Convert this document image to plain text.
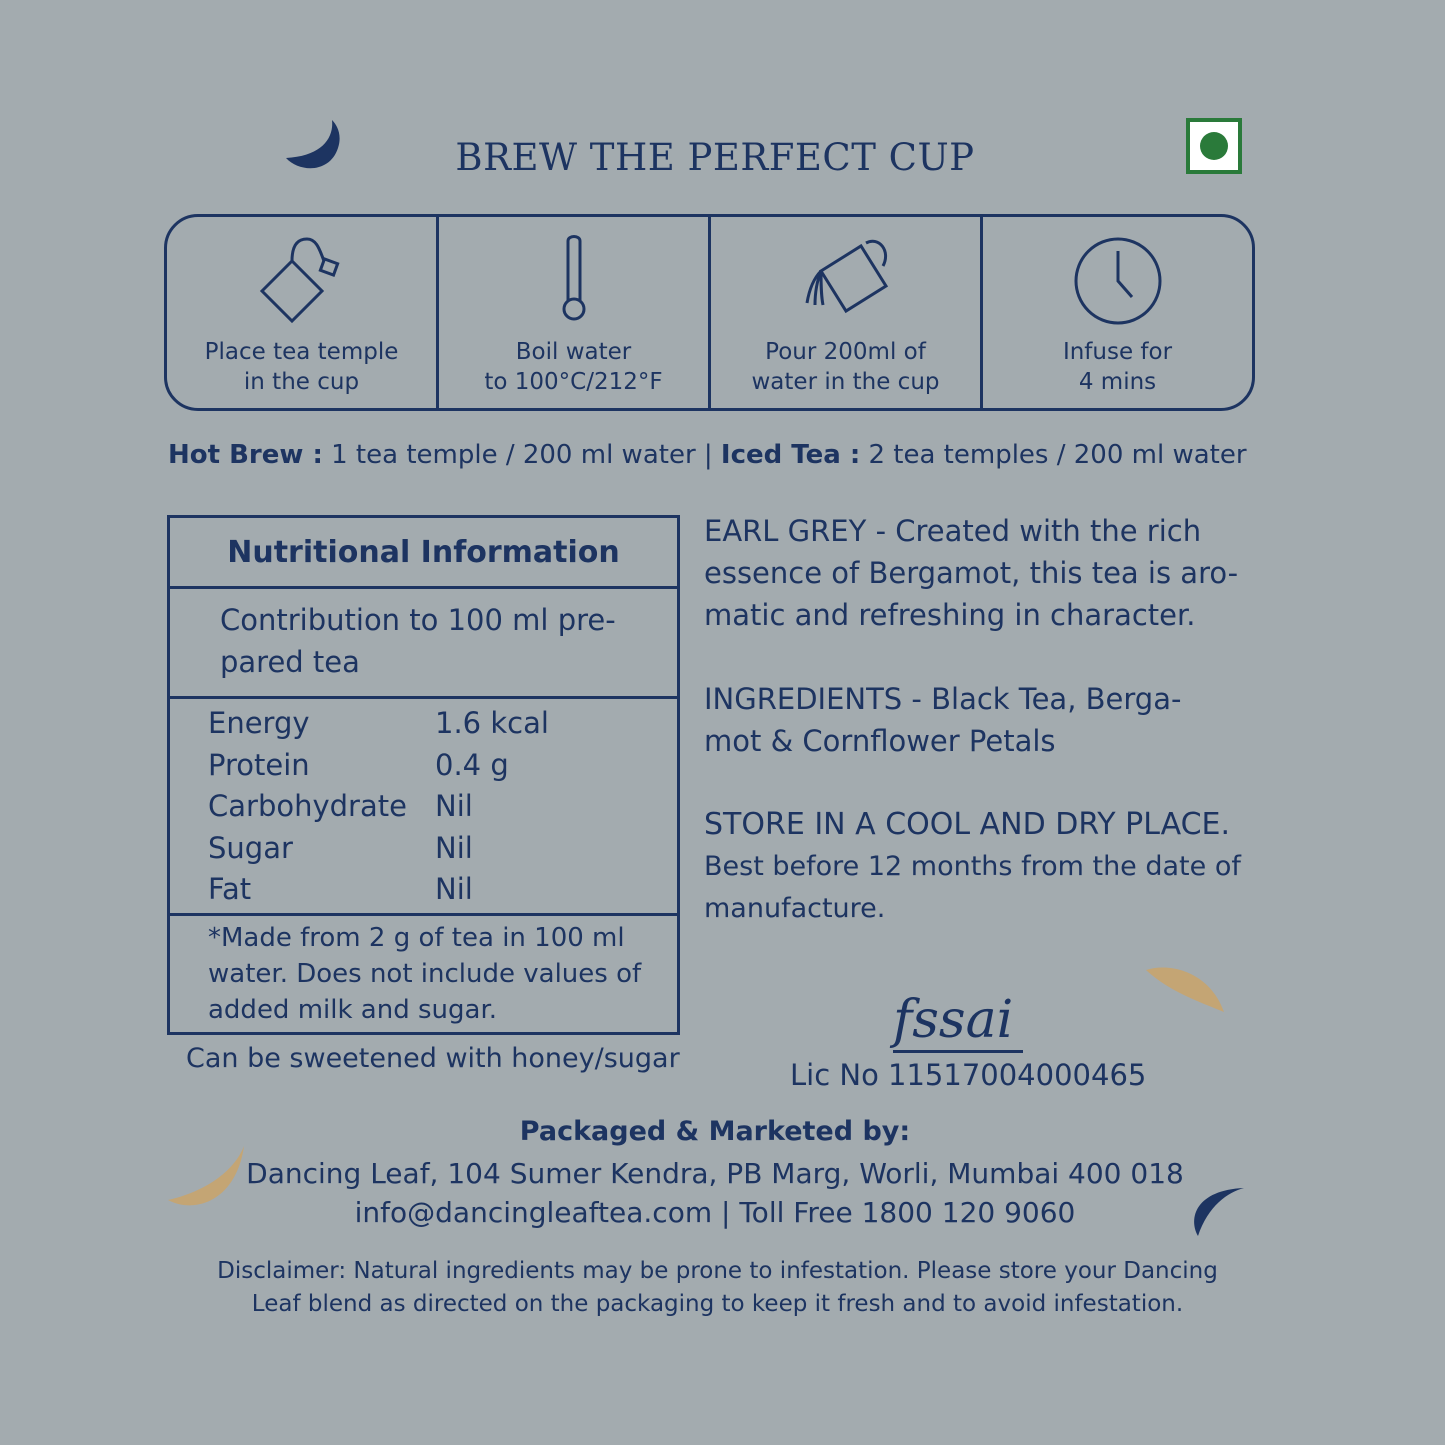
BREW THE PERFECT CUP
Place tea temple
in the cup
Boil water
to 100°C/212°F
Pour 200ml of
water in the cup
Infuse for
4 mins
Hot Brew : 1 tea temple / 200 ml water | Iced Tea : 2 tea temples / 200 ml water
Nutritional Information
Contribution to 100 ml pre-
pared tea
Energy	1.6 kcal
Protein	0.4 g
Carbohydrate Nil
Sugar	Nil
Fat	Nil
*Made from 2 g of tea in 100 ml
water. Does not include values of
added milk and sugar.
Can be sweetened with honey/sugar

EARL GREY - Created with the rich
essence of Bergamot, this tea is aro-
matic and refreshing in character.

INGREDIENTS - Black Tea, Berga-
mot & Cornflower Petals

STORE IN A COOL AND DRY PLACE.

Best before 12 months from the date of
manufacture.

fssai
Lic No 11517004000465
Packaged & Marketed by:
Dancing Leaf, 104 Sumer Kendra, PB Marg, Worli, Mumbai 400 018
info@dancingleaftea.com | Toll Free 1800 120 9060
Disclaimer: Natural ingredients may be prone to infestation. Please store your Dancing
Leaf blend as directed on the packaging to keep it fresh and to avoid infestation.
